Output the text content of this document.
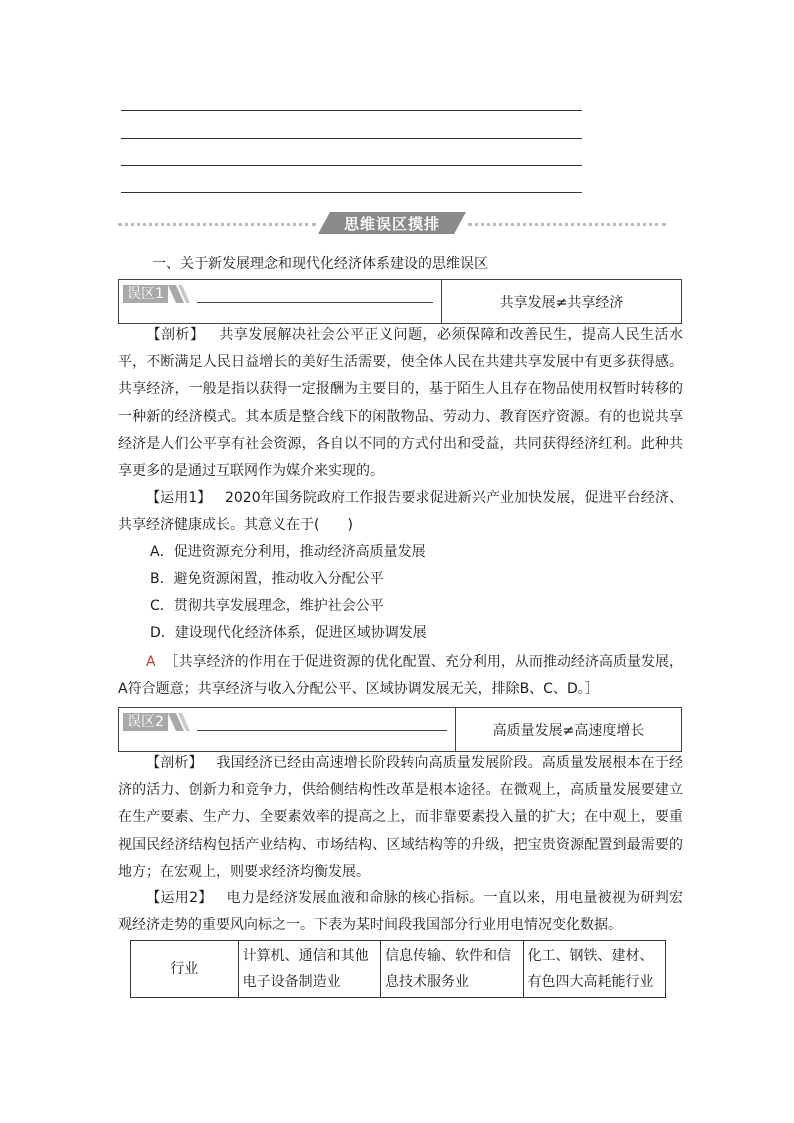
思维误区摸排
一、关于新发展理念和现代化经济体系建设的思维误区
误区1
共享发展≠共享经济
【剖析】 共享发展解决社会公平正义问题，必须保障和改善民生，提高人民生活水平，不断满足人民日益增长的美好生活需要，使全体人民在共建共享发展中有更多获得感。共享经济，一般是指以获得一定报酬为主要目的，基于陌生人且存在物品使用权暂时转移的一种新的经济模式。其本质是整合线下的闲散物品、劳动力、教育医疗资源。有的也说共享经济是人们公平享有社会资源，各自以不同的方式付出和受益，共同获得经济红利。此种共享更多的是通过互联网作为媒介来实现的。
【运用1】 2020年国务院政府工作报告要求促进新兴产业加快发展，促进平台经济、共享经济健康成长。其意义在于(　　)
A．促进资源充分利用，推动经济高质量发展
B．避免资源闲置，推动收入分配公平
C．贯彻共享发展理念，维护社会公平
D．建设现代化经济体系，促进区域协调发展
A ［共享经济的作用在于促进资源的优化配置、充分利用，从而推动经济高质量发展，A符合题意；共享经济与收入分配公平、区域协调发展无关，排除B、C、D。］
误区2
高质量发展≠高速度增长
【剖析】 我国经济已经由高速增长阶段转向高质量发展阶段。高质量发展根本在于经济的活力、创新力和竞争力，供给侧结构性改革是根本途径。在微观上，高质量发展要建立在生产要素、生产力、全要素效率的提高之上，而非靠要素投入量的扩大；在中观上，要重视国民经济结构包括产业结构、市场结构、区域结构等的升级，把宝贵资源配置到最需要的地方；在宏观上，则要求经济均衡发展。
【运用2】 电力是经济发展血液和命脉的核心指标。一直以来，用电量被视为研判宏观经济走势的重要风向标之一。下表为某时间段我国部分行业用电情况变化数据。
行业	计算机、通信和其他电子设备制造业	信息传输、软件和信息技术服务业	化工、钢铁、建材、有色四大高耗能行业
